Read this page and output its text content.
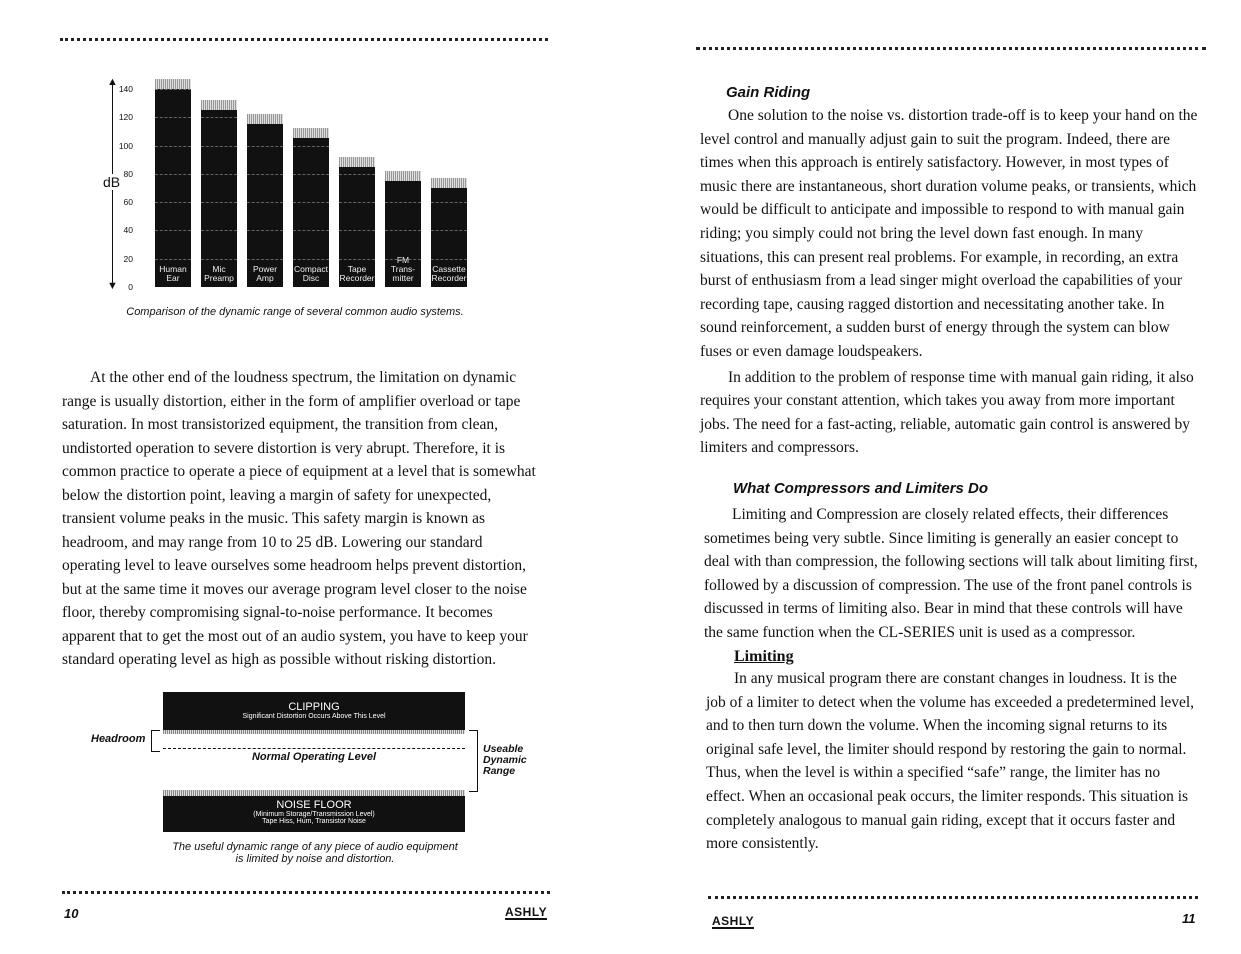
▲
▼
dB
0
20
40
60
80
100
120
140
Human
Ear
Mic
Preamp
Power
Amp
Compact
Disc
Tape
Recorder
FM
Trans-
mitter
Cassette
Recorder
Comparison of the dynamic range of several common audio systems.

At the other end of the loudness spectrum, the limitation on dynamic range is usually distortion, either in the form of amplifier overload or tape saturation. In most transistorized equipment, the transition from clean, undistorted operation to severe distortion is very abrupt. Therefore, it is common practice to operate a piece of equipment at a level that is somewhat below the distortion point, leaving a margin of safety for unexpected, transient volume peaks in the music. This safety margin is known as headroom, and may range from 10 to 25 dB. Lowering our standard operating level to leave ourselves some headroom helps prevent distortion, but at the same time it moves our average program level closer to the noise floor, thereby compromising signal-to-noise performance. It becomes apparent that to get the most out of an audio system, you have to keep your standard operating level as high as possible without risking distortion.

CLIPPING
Significant Distortion Occurs Above This Level
Headroom
Normal Operating Level
Useable
Dynamic
Range
NOISE FLOOR
(Minimum Storage/Transmission Level)
Tape Hiss, Hum, Transistor Noise
The useful dynamic range of any piece of audio equipment
is limited by noise and distortion.
10	ASHLY
Gain Riding

One solution to the noise vs. distortion trade-off is to keep your hand on the level control and manually adjust gain to suit the program. Indeed, there are times when this approach is entirely satisfactory. However, in most types of music there are instantaneous, short duration volume peaks, or transients, which would be difficult to anticipate and impossible to respond to with manual gain riding; you simply could not bring the level down fast enough. In many situations, this can present real problems. For example, in recording, an extra burst of enthusiasm from a lead singer might overload the capabilities of your recording tape, causing ragged distortion and necessitating another take. In sound reinforcement, a sudden burst of energy through the system can blow fuses or even damage loudspeakers.

In addition to the problem of response time with manual gain riding, it also requires your constant attention, which takes you away from more important jobs. The need for a fast-acting, reliable, automatic gain control is answered by limiters and compressors.

What Compressors and Limiters Do

Limiting and Compression are closely related effects, their differences sometimes being very subtle. Since limiting is generally an easier concept to deal with than compression, the following sections will talk about limiting first, followed by a discussion of compression. The use of the front panel controls is discussed in terms of limiting also. Bear in mind that these controls will have the same function when the CL-SERIES unit is used as a compressor.

Limiting

In any musical program there are constant changes in loudness. It is the job of a limiter to detect when the volume has exceeded a predetermined level, and to then turn down the volume. When the incoming signal returns to its original safe level, the limiter should respond by restoring the gain to normal. Thus, when the level is within a specified “safe” range, the limiter has no effect. When an occasional peak occurs, the limiter responds. This situation is completely analogous to manual gain riding, except that it occurs faster and more consistently.

ASHLY	11
